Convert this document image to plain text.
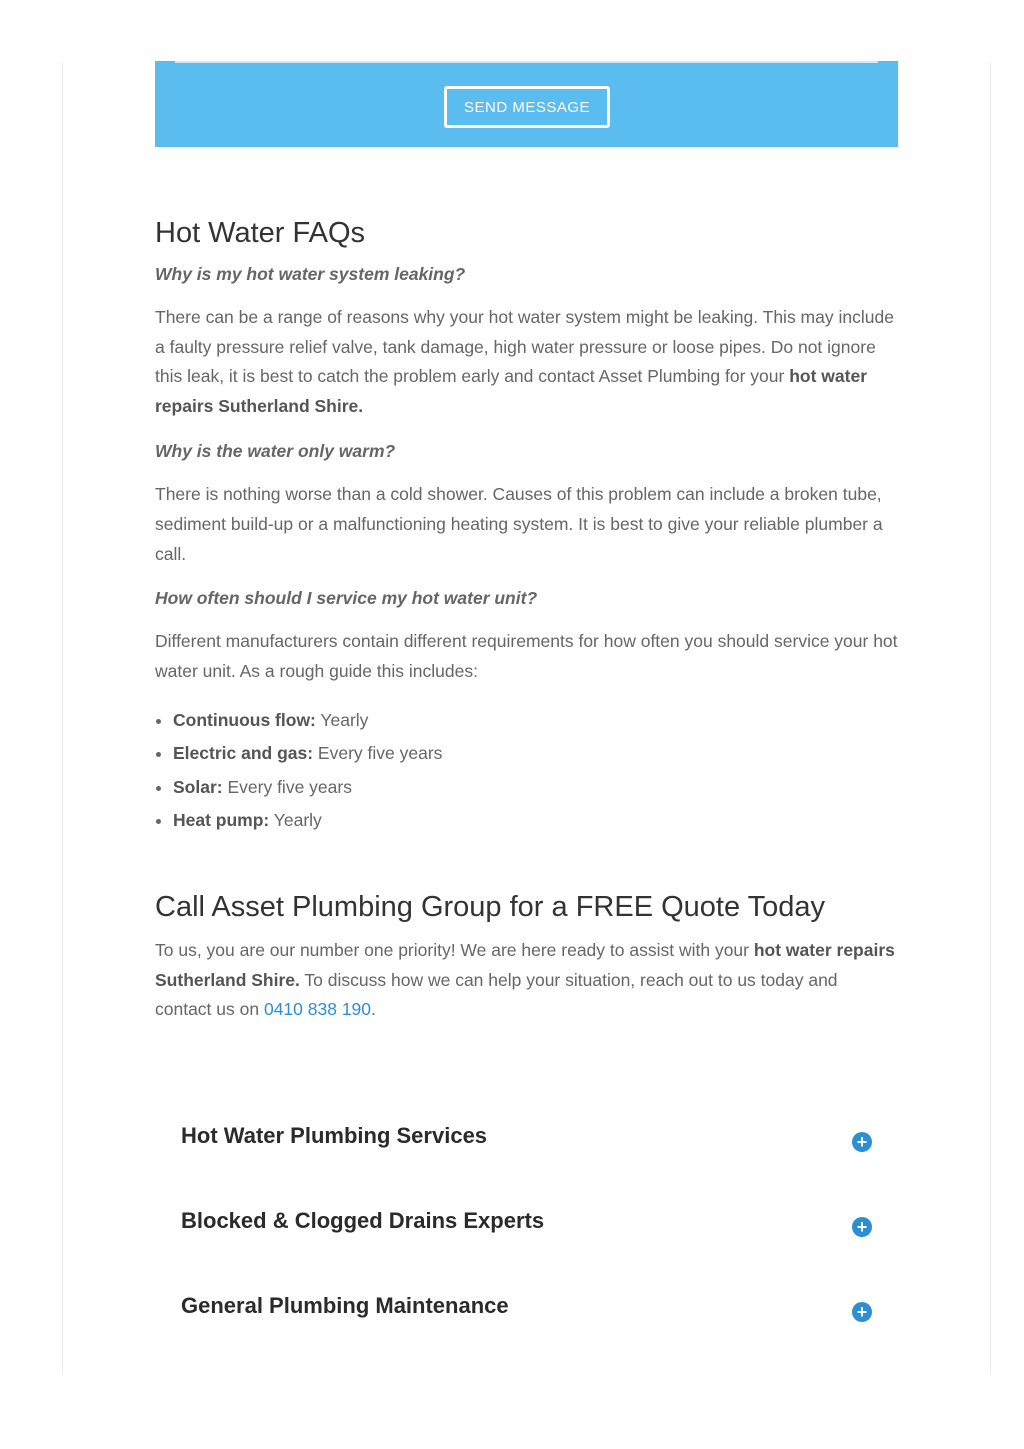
SEND MESSAGE
Hot Water FAQs

Why is my hot water system leaking?

There can be a range of reasons why your hot water system might be leaking. This may include a faulty pressure relief valve, tank damage, high water pressure or loose pipes. Do not ignore this leak, it is best to catch the problem early and contact Asset Plumbing for your hot water repairs Sutherland Shire.

Why is the water only warm?

There is nothing worse than a cold shower. Causes of this problem can include a broken tube, sediment build-up or a malfunctioning heating system. It is best to give your reliable plumber a call.

How often should I service my hot water unit?

Different manufacturers contain different requirements for how often you should service your hot water unit. As a rough guide this includes:

• Continuous flow: Yearly
• Electric and gas: Every five years
• Solar: Every five years
• Heat pump: Yearly
Call Asset Plumbing Group for a FREE Quote Today

To us, you are our number one priority! We are here ready to assist with your hot water repairs Sutherland Shire. To discuss how we can help your situation, reach out to us today and contact us on 0410 838 190.

Hot Water Plumbing Services	+
Blocked & Clogged Drains Experts	+
General Plumbing Maintenance	+
